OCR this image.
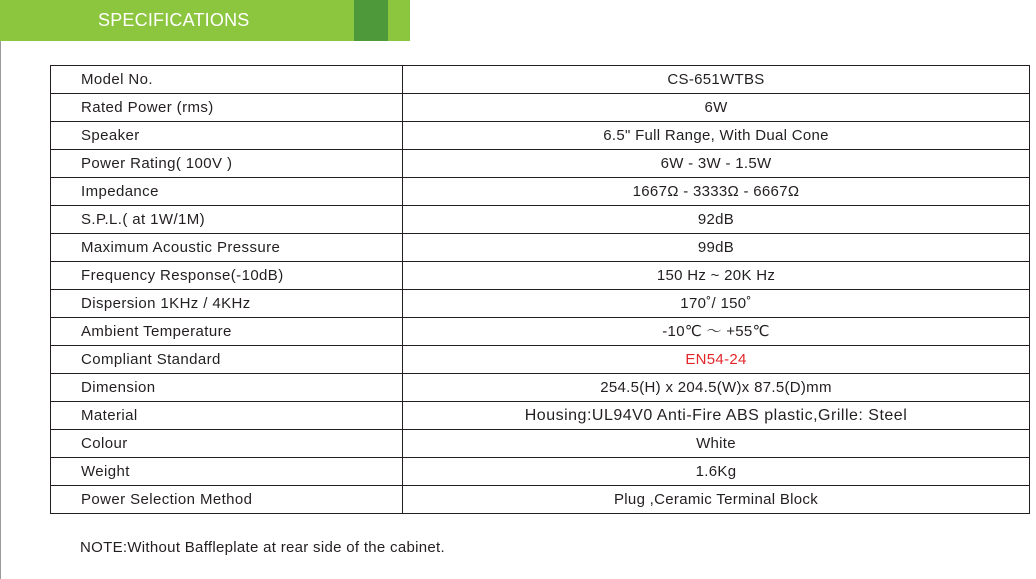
SPECIFICATIONS
Model No.	CS-651WTBS
Rated Power (rms)	6W
Speaker	6.5" Full Range, With Dual Cone
Power Rating( 100V )	6W - 3W - 1.5W
Impedance	1667Ω - 3333Ω - 6667Ω
S.P.L.( at 1W/1M)	92dB
Maximum Acoustic Pressure	99dB
Frequency Response(-10dB)	150 Hz ~ 20K Hz
Dispersion 1KHz / 4KHz	170˚/ 150˚
Ambient Temperature	-10℃ ～ +55℃
Compliant Standard	EN54-24
Dimension	254.5(H) x 204.5(W)x 87.5(D)mm
Material	Housing:UL94V0 Anti-Fire ABS plastic,Grille: Steel
Colour	White
Weight	1.6Kg
Power Selection Method	Plug ,Ceramic Terminal Block
NOTE:Without Baffleplate at rear side of the cabinet.
